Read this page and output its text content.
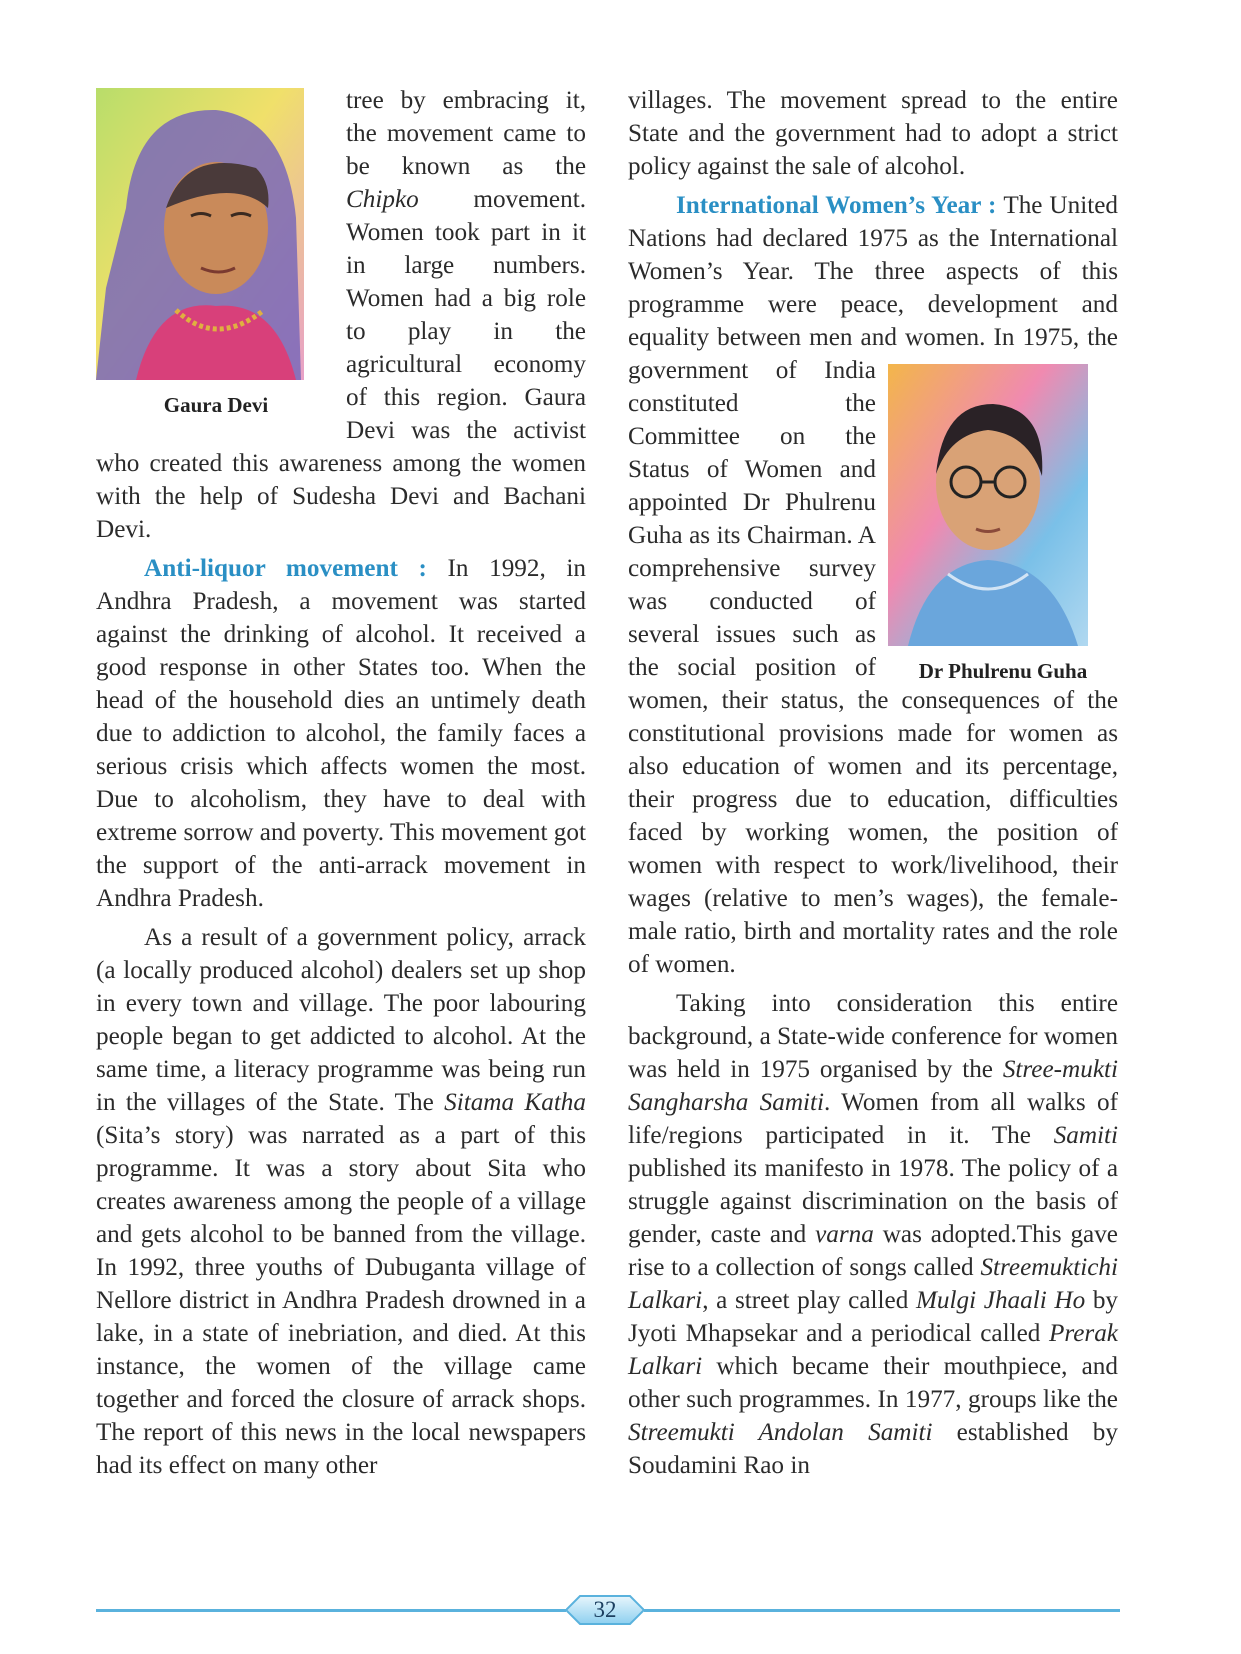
Gaura Devi

tree by embracing it, the movement came to be known as the Chipko movement. Women took part in it in large numbers. Women had a big role to play in the agricultural economy of this region. Gaura Devi was the activist who created this awareness among the women with the help of Sudesha Devi and Bachani Devi.

Anti-liquor movement : In 1992, in Andhra Pradesh, a movement was started against the drinking of alcohol. It received a good response in other States too. When the head of the household dies an untimely death due to addiction to alcohol, the family faces a serious crisis which affects women the most. Due to alcoholism, they have to deal with extreme sorrow and poverty. This movement got the support of the anti-arrack movement in Andhra Pradesh.

As a result of a government policy, arrack (a locally produced alcohol) dealers set up shop in every town and village. The poor labouring people began to get addicted to alcohol. At the same time, a literacy programme was being run in the villages of the State. The Sitama Katha (Sita’s story) was narrated as a part of this programme. It was a story about Sita who creates awareness among the people of a village and gets alcohol to be banned from the village. In 1992, three youths of Dubuganta village of Nellore district in Andhra Pradesh drowned in a lake, in a state of inebriation, and died. At this instance, the women of the village came together and forced the closure of arrack shops. The report of this news in the local newspapers had its effect on many other

villages. The movement spread to the entire State and the government had to adopt a strict policy against the sale of alcohol.

International Women’s Year : The United Nations had declared 1975 as the International Women’s Year. The three aspects of this programme were peace, development and equality between men and women. In 1975, the government of
Dr Phulrenu Guha
India constituted the Committee on the Status of Women and appointed Dr Phulrenu Guha as its Chairman. A comprehensive survey was conducted of several issues such as the social position of women, their status, the consequences of the constitutional provisions made for women as also education of women and its percentage, their progress due to education, difficulties faced by working women, the position of women with respect to work/livelihood, their wages (relative to men’s wages), the female-male ratio, birth and mortality rates and the role of women.

Taking into consideration this entire background, a State-wide conference for women was held in 1975 organised by the Stree-mukti Sangharsha Samiti. Women from all walks of life/regions participated in it. The Samiti published its manifesto in 1978. The policy of a struggle against discrimination on the basis of gender, caste and varna was adopted.This gave rise to a collection of songs called Streemuktichi Lalkari, a street play called Mulgi Jhaali Ho by Jyoti Mhapsekar and a periodical called Prerak Lalkari which became their mouthpiece, and other such programmes. In 1977, groups like the Streemukti Andolan Samiti established by Soudamini Rao in

32
